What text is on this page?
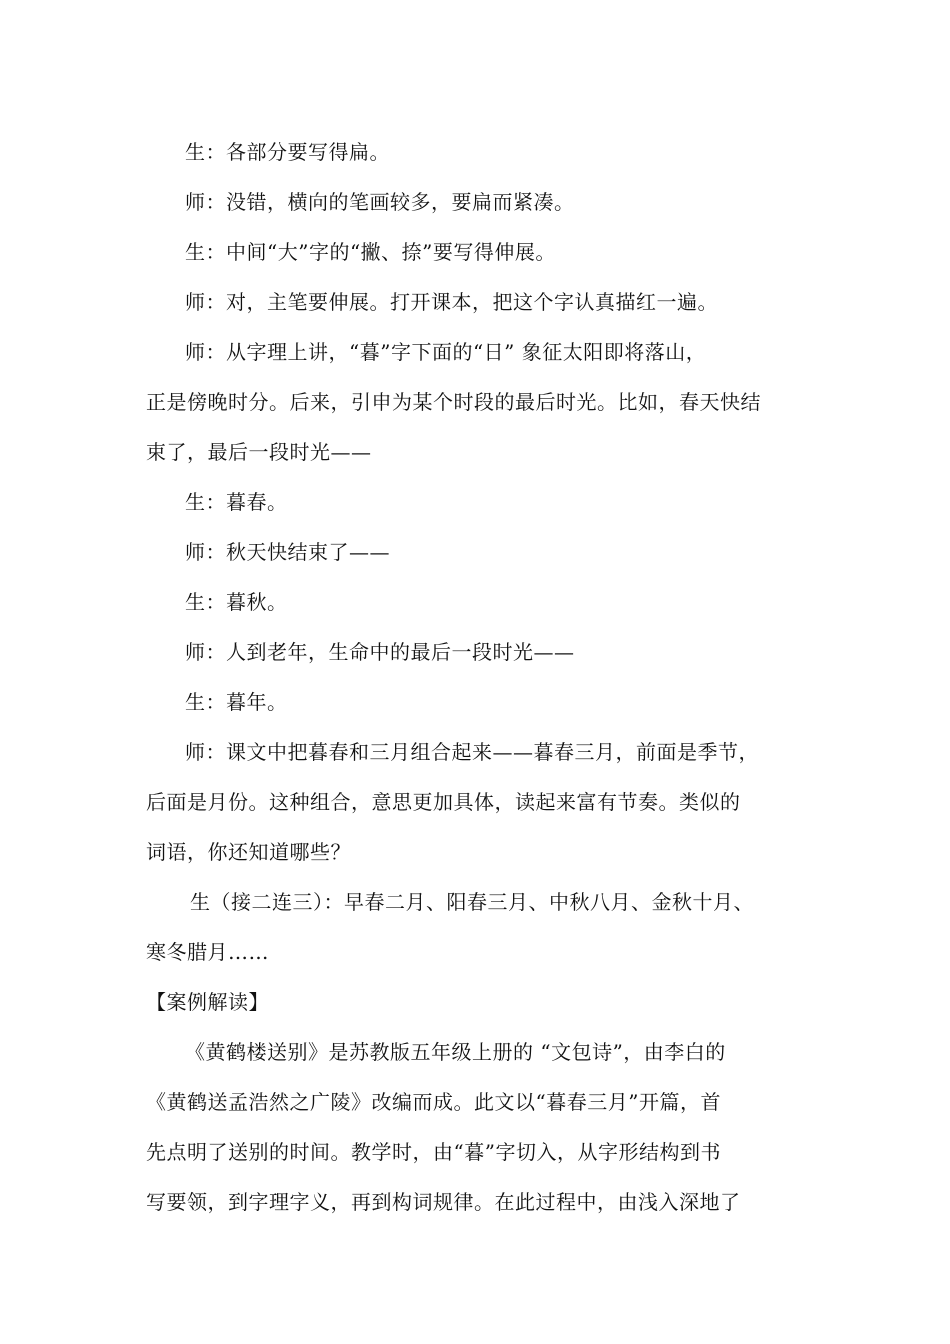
生：各部分要写得扁。
师：没错，横向的笔画较多，要扁而紧凑。
生：中间“大”字的“撇、捺”要写得伸展。
师：对，主笔要伸展。打开课本，把这个字认真描红一遍。
师：从字理上讲，“暮”字下面的“日” 象征太阳即将落山，
正是傍晚时分。后来，引申为某个时段的最后时光。比如，春天快结
束了，最后一段时光——
生：暮春。
师：秋天快结束了——
生：暮秋。
师：人到老年，生命中的最后一段时光——
生：暮年。
师：课文中把暮春和三月组合起来——暮春三月，前面是季节，
后面是月份。这种组合，意思更加具体，读起来富有节奏。类似的
词语，你还知道哪些？
生（接二连三）：早春二月、阳春三月、中秋八月、金秋十月、
寒冬腊月……
【案例解读】
《黄鹤楼送别》是苏教版五年级上册的 “文包诗”，由李白的
《黄鹤送孟浩然之广陵》改编而成。此文以“暮春三月”开篇，首
先点明了送别的时间。教学时，由“暮”字切入，从字形结构到书
写要领，到字理字义，再到构词规律。在此过程中，由浅入深地了
